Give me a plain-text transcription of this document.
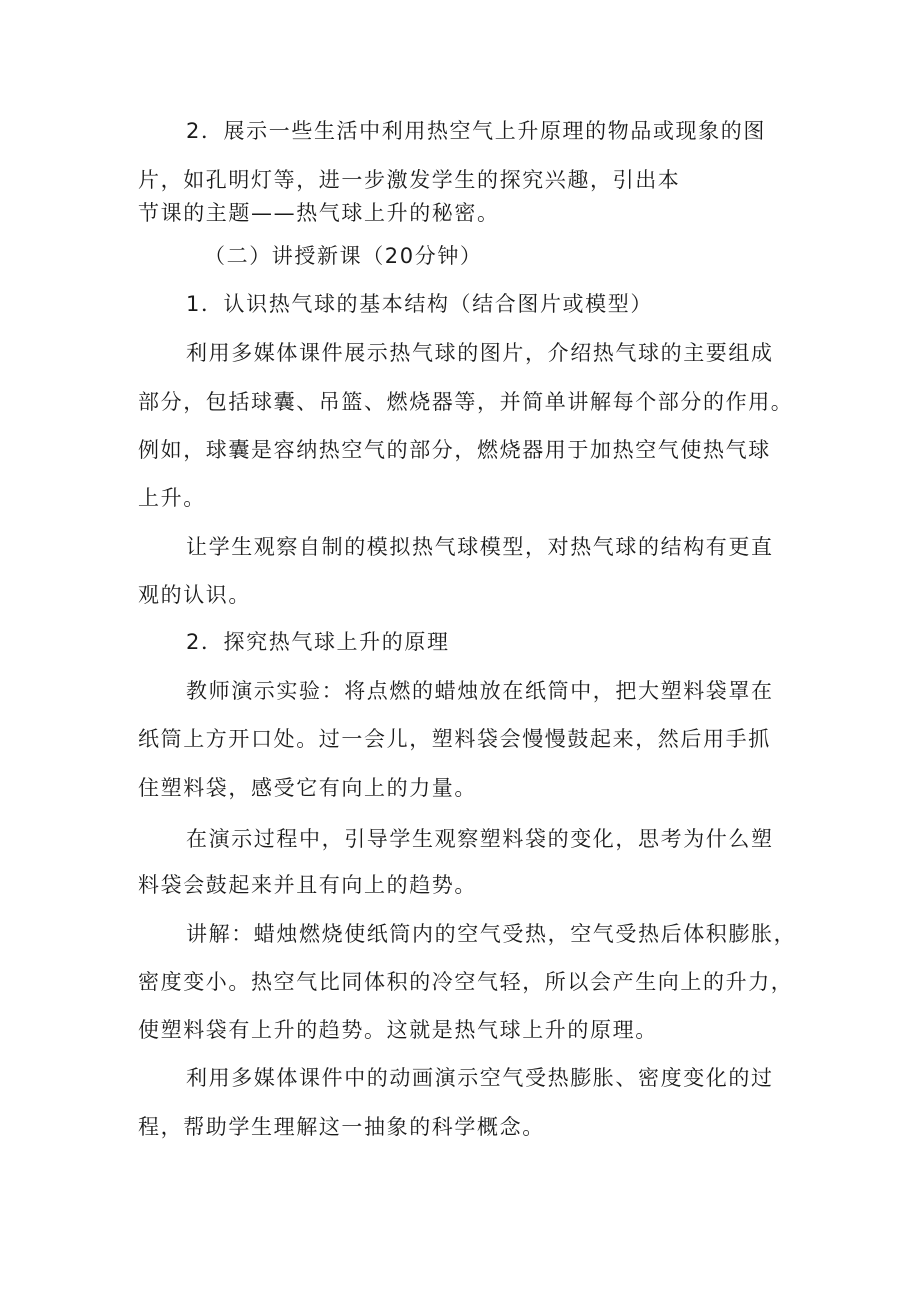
2．展示一些生活中利用热空气上升原理的物品或现象的图
片，如孔明灯等，进一步激发学生的探究兴趣，引出本
节课的主题——热气球上升的秘密。
（二）讲授新课（20分钟）
1．认识热气球的基本结构（结合图片或模型）
利用多媒体课件展示热气球的图片，介绍热气球的主要组成
部分，包括球囊、吊篮、燃烧器等，并简单讲解每个部分的作用。
例如，球囊是容纳热空气的部分，燃烧器用于加热空气使热气球
上升。
让学生观察自制的模拟热气球模型，对热气球的结构有更直
观的认识。
2．探究热气球上升的原理
教师演示实验：将点燃的蜡烛放在纸筒中，把大塑料袋罩在
纸筒上方开口处。过一会儿，塑料袋会慢慢鼓起来，然后用手抓
住塑料袋，感受它有向上的力量。
在演示过程中，引导学生观察塑料袋的变化，思考为什么塑
料袋会鼓起来并且有向上的趋势。
讲解：蜡烛燃烧使纸筒内的空气受热，空气受热后体积膨胀，
密度变小。热空气比同体积的冷空气轻，所以会产生向上的升力，
使塑料袋有上升的趋势。这就是热气球上升的原理。
利用多媒体课件中的动画演示空气受热膨胀、密度变化的过
程，帮助学生理解这一抽象的科学概念。
